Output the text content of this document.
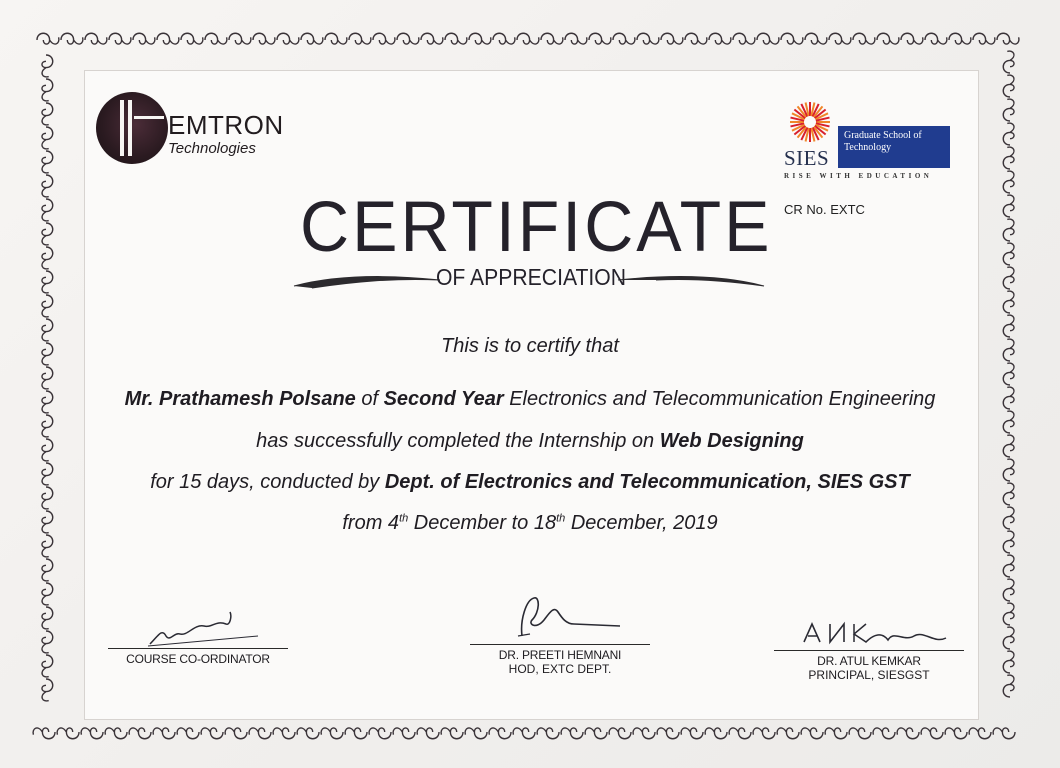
EMTRON
Technologies	SIES
Graduate School of Technology
RISE WITH EDUCATION
CR No. EXTC
CERTIFICATE
OF APPRECIATION
This is to certify that
Mr. Prathamesh Polsane of Second Year Electronics and Telecommunication Engineering
has successfully completed the Internship on Web Designing
for 15 days, conducted by Dept. of Electronics and Telecommunication, SIES GST
from 4th December to 18th December, 2019
COURSE CO-ORDINATOR	DR. PREETI HEMNANI
HOD, EXTC DEPT.
DR. ATUL KEMKAR
PRINCIPAL, SIESGST
